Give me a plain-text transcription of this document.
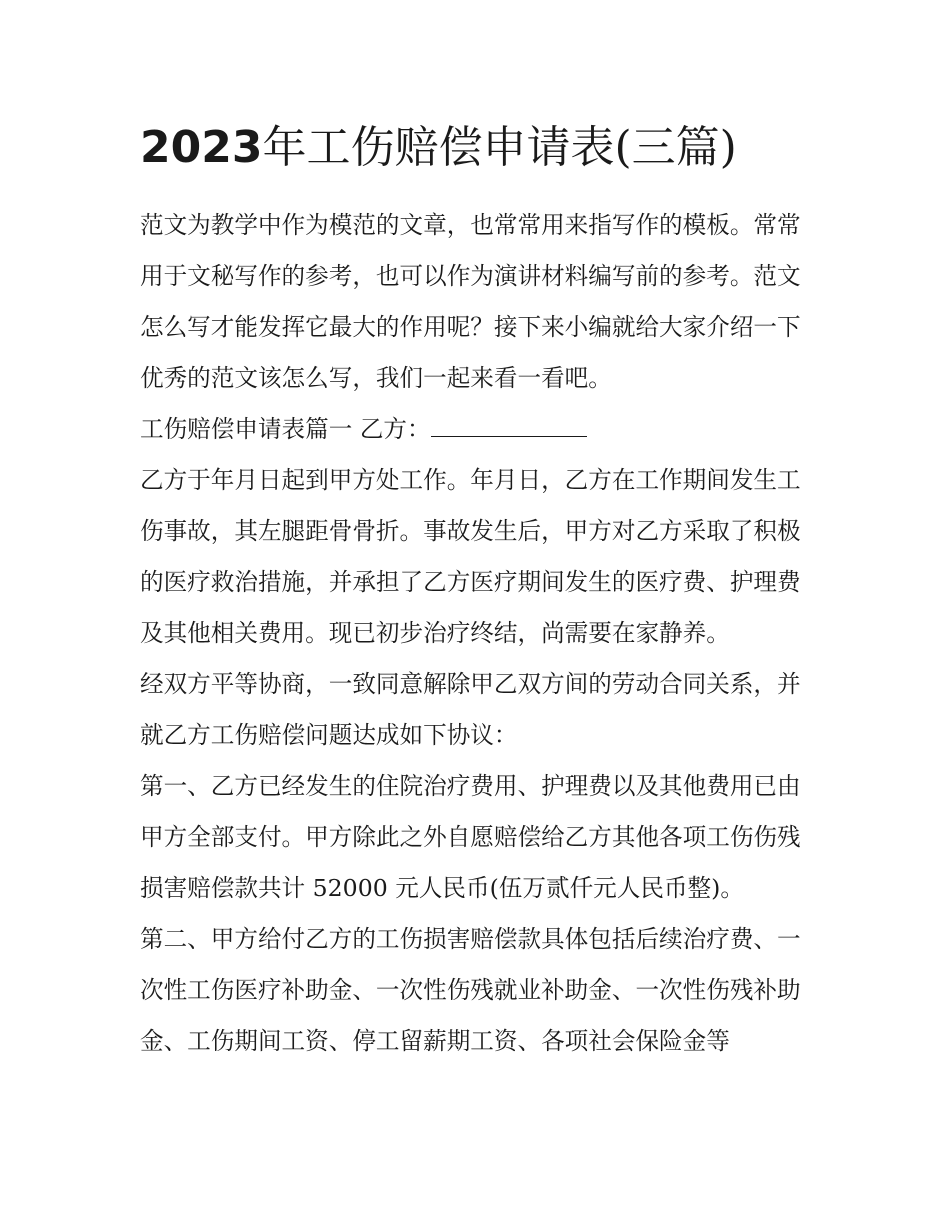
2023年工伤赔偿申请表(三篇)

范文为教学中作为模范的文章，也常常用来指写作的模板。常常用于文秘写作的参考，也可以作为演讲材料编写前的参考。范文怎么写才能发挥它最大的作用呢？接下来小编就给大家介绍一下优秀的范文该怎么写，我们一起来看一看吧。

工伤赔偿申请表篇一 乙方：

乙方于年月日起到甲方处工作。年月日，乙方在工作期间发生工伤事故，其左腿距骨骨折。事故发生后，甲方对乙方采取了积极的医疗救治措施，并承担了乙方医疗期间发生的医疗费、护理费及其他相关费用。现已初步治疗终结，尚需要在家静养。

经双方平等协商，一致同意解除甲乙双方间的劳动合同关系，并就乙方工伤赔偿问题达成如下协议：

第一、乙方已经发生的住院治疗费用、护理费以及其他费用已由甲方全部支付。甲方除此之外自愿赔偿给乙方其他各项工伤伤残损害赔偿款共计 52000 元人民币(伍万贰仟元人民币整)。

第二、甲方给付乙方的工伤损害赔偿款具体包括后续治疗费、一次性工伤医疗补助金、一次性伤残就业补助金、一次性伤残补助金、工伤期间工资、停工留薪期工资、各项社会保险金等
